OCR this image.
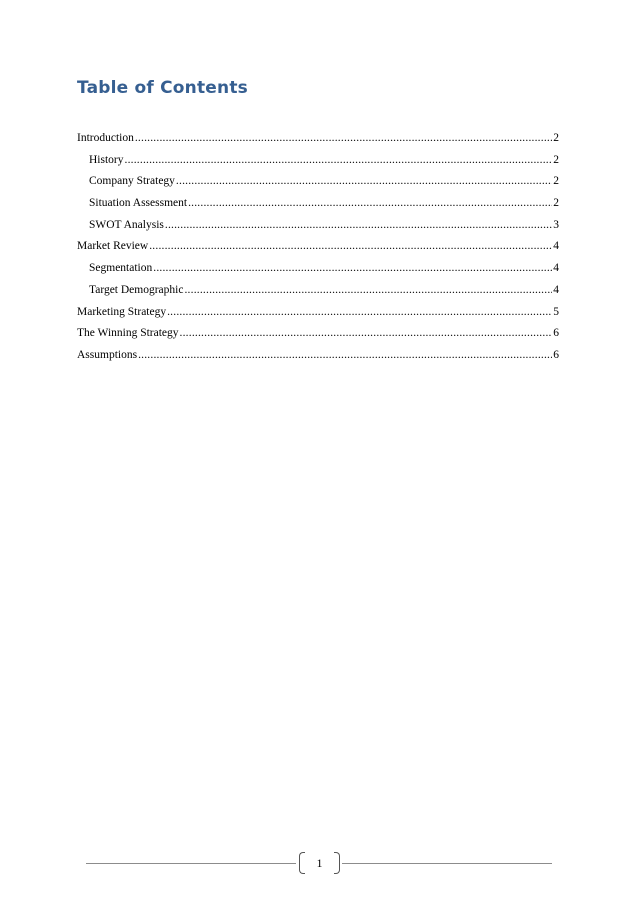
Table of Contents
Introduction .....	2
History .....	2
Company Strategy .....	2
Situation Assessment .....	2
SWOT Analysis .....	3
Market Review .....	4
Segmentation .....	4
Target Demographic .....	4
Marketing Strategy .....	5
The Winning Strategy .....	6
Assumptions .....	6
1
